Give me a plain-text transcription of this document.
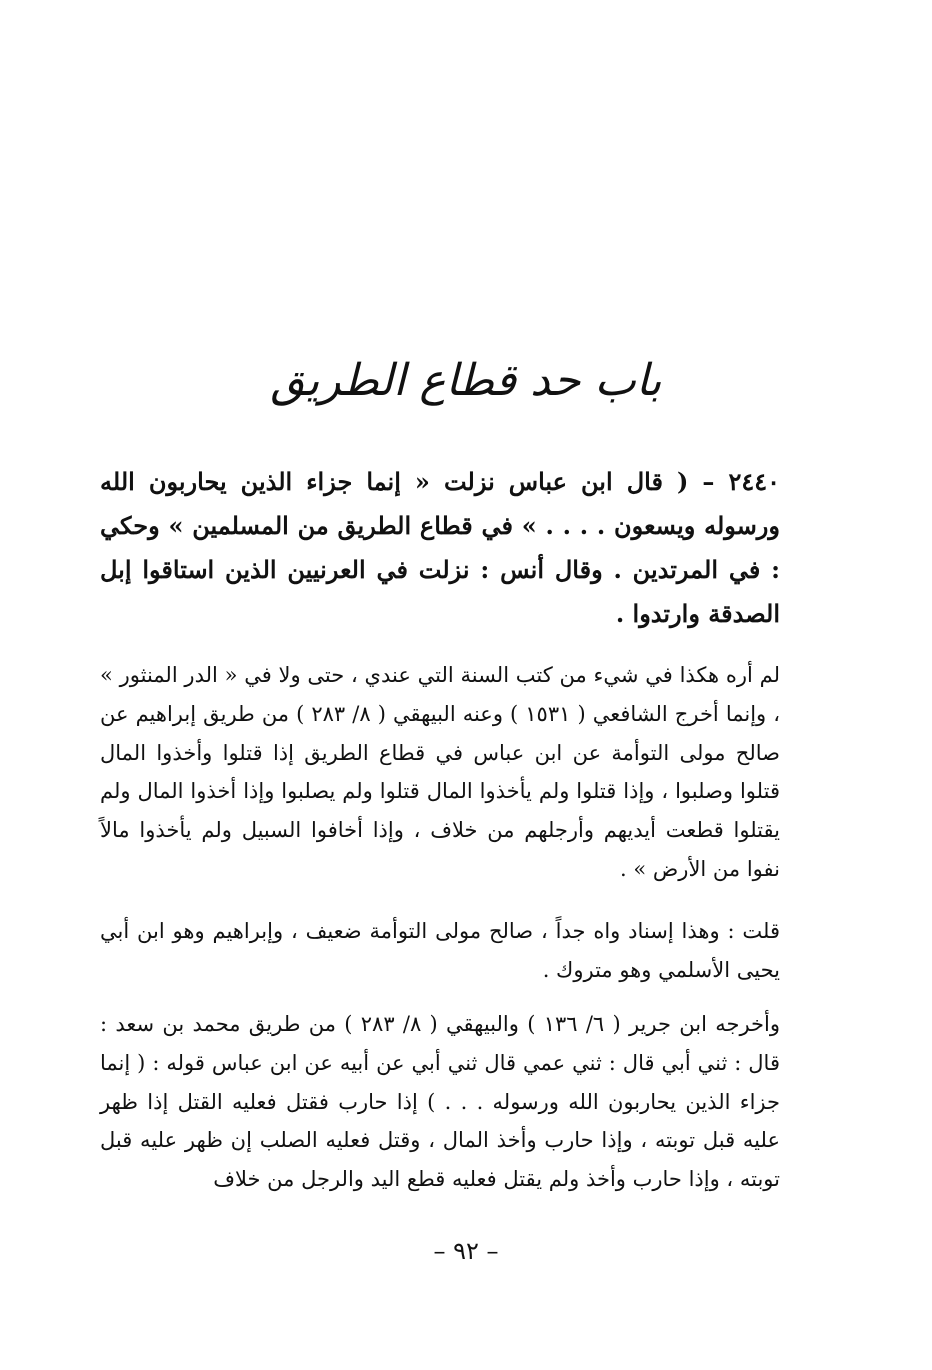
باب حد قطاع الطريق
٢٤٤٠ – ( قال ابن عباس نزلت « إنما جزاء الذين يحاربون الله ورسوله ويسعون . . . . » في قطاع الطريق من المسلمين » وحكي : في المرتدين . وقال أنس : نزلت في العرنيين الذين استاقوا إبل الصدقة وارتدوا .
لم أره هكذا في شيء من كتب السنة التي عندي ، حتى ولا في « الدر المنثور » ، وإنما أخرج الشافعي ( ١٥٣١ ) وعنه البيهقي ( ٨/ ٢٨٣ ) من طريق إبراهيم عن صالح مولى التوأمة عن ابن عباس في قطاع الطريق إذا قتلوا وأخذوا المال قتلوا وصلبوا ، وإذا قتلوا ولم يأخذوا المال قتلوا ولم يصلبوا وإذا أخذوا المال ولم يقتلوا قطعت أيديهم وأرجلهم من خلاف ، وإذا أخافوا السبيل ولم يأخذوا مالاً نفوا من الأرض » .
قلت : وهذا إسناد واه جداً ، صالح مولى التوأمة ضعيف ، وإبراهيم وهو ابن أبي يحيى الأسلمي وهو متروك .
وأخرجه ابن جرير ( ٦/ ١٣٦ ) والبيهقي ( ٨/ ٢٨٣ ) من طريق محمد بن سعد : قال : ثني أبي قال : ثني عمي قال ثني أبي عن أبيه عن ابن عباس قوله : ( إنما جزاء الذين يحاربون الله ورسوله . . . ) إذا حارب فقتل فعليه القتل إذا ظهر عليه قبل توبته ، وإذا حارب وأخذ المال ، وقتل فعليه الصلب إن ظهر عليه قبل توبته ، وإذا حارب وأخذ ولم يقتل فعليه قطع اليد والرجل من خلاف
– ٩٢ –
